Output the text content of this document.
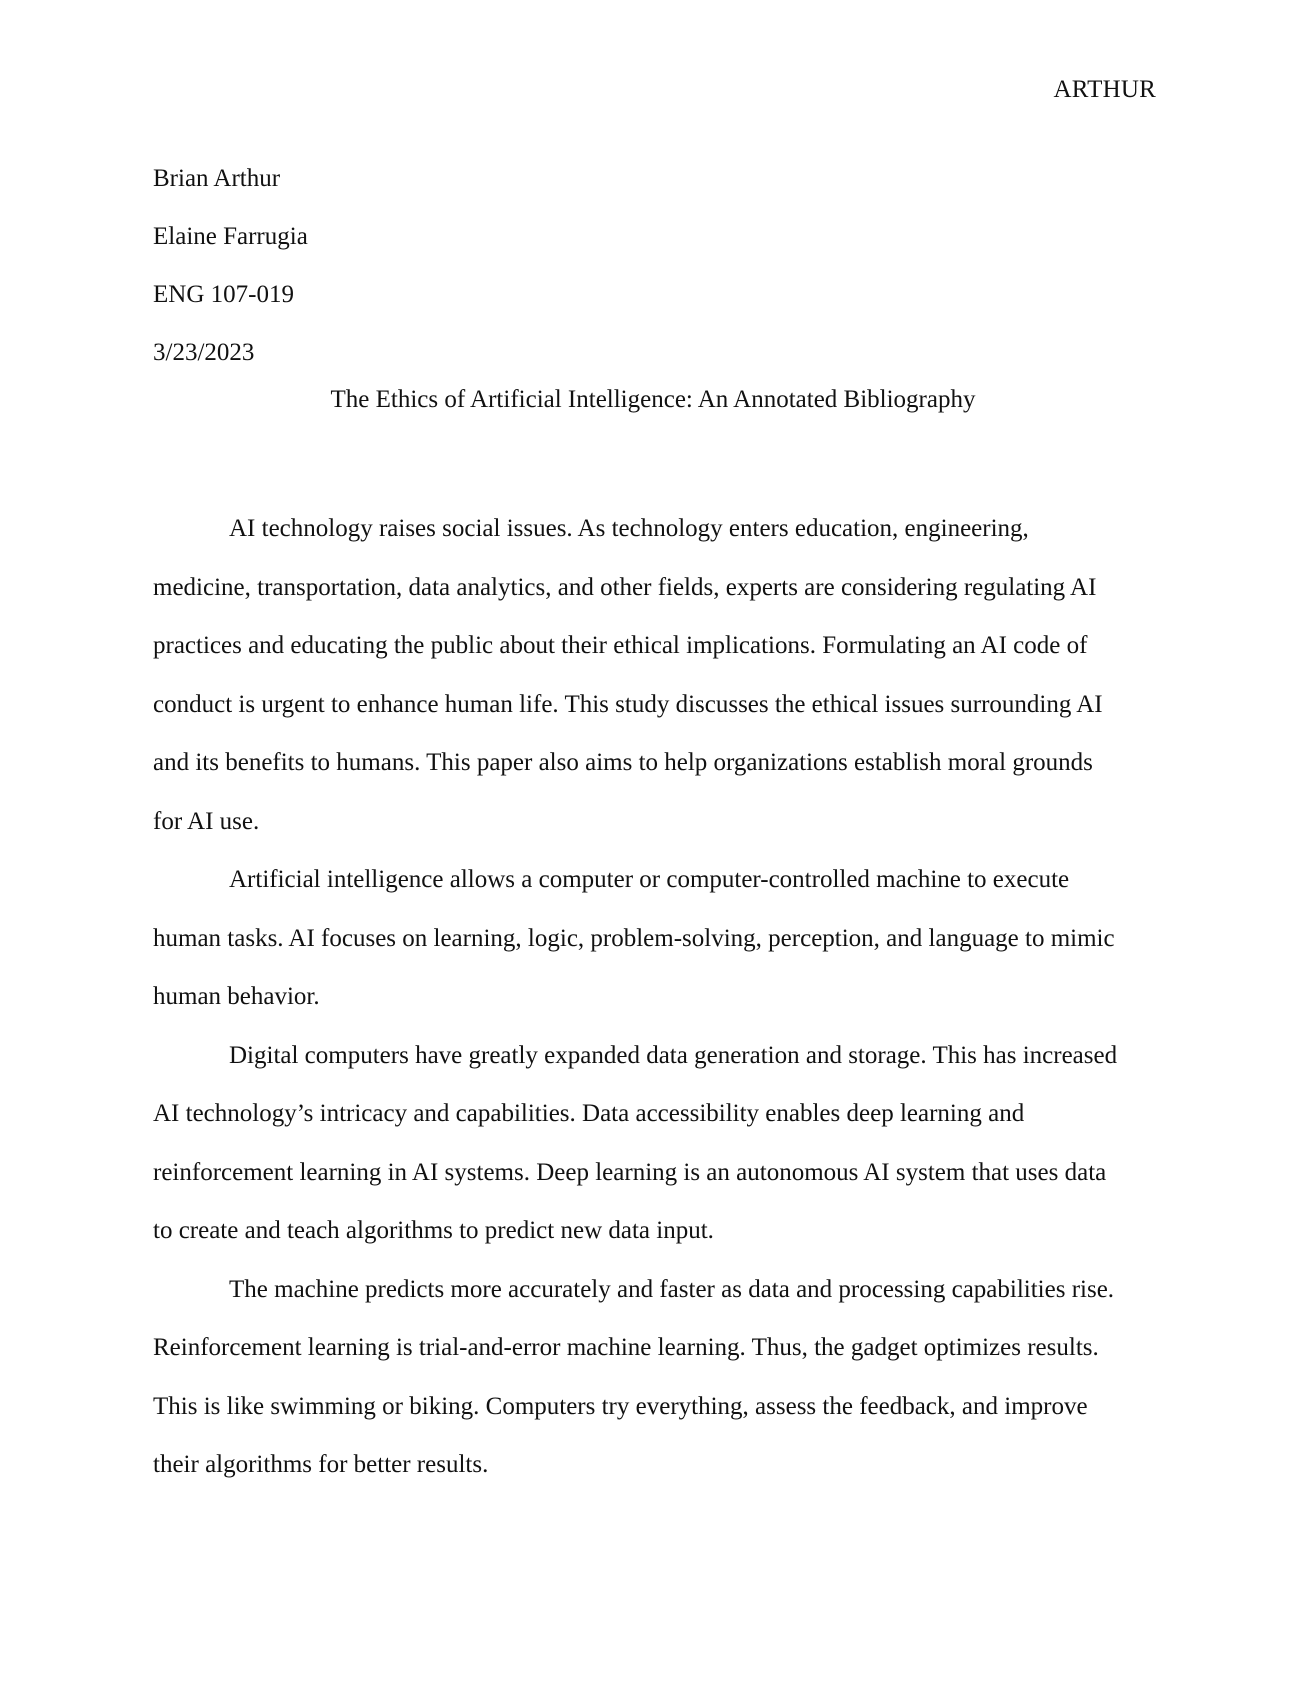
ARTHUR
Brian Arthur
Elaine Farrugia
ENG 107-019
3/23/2023
The Ethics of Artificial Intelligence: An Annotated Bibliography

AI technology raises social issues. As technology enters education, engineering,
medicine, transportation, data analytics, and other fields, experts are considering regulating AI
practices and educating the public about their ethical implications. Formulating an AI code of
conduct is urgent to enhance human life. This study discusses the ethical issues surrounding AI
and its benefits to humans. This paper also aims to help organizations establish moral grounds
for AI use.

Artificial intelligence allows a computer or computer-controlled machine to execute
human tasks. AI focuses on learning, logic, problem-solving, perception, and language to mimic
human behavior.

Digital computers have greatly expanded data generation and storage. This has increased
AI technology’s intricacy and capabilities. Data accessibility enables deep learning and
reinforcement learning in AI systems. Deep learning is an autonomous AI system that uses data
to create and teach algorithms to predict new data input.

The machine predicts more accurately and faster as data and processing capabilities rise.
Reinforcement learning is trial-and-error machine learning. Thus, the gadget optimizes results.
This is like swimming or biking. Computers try everything, assess the feedback, and improve
their algorithms for better results.
